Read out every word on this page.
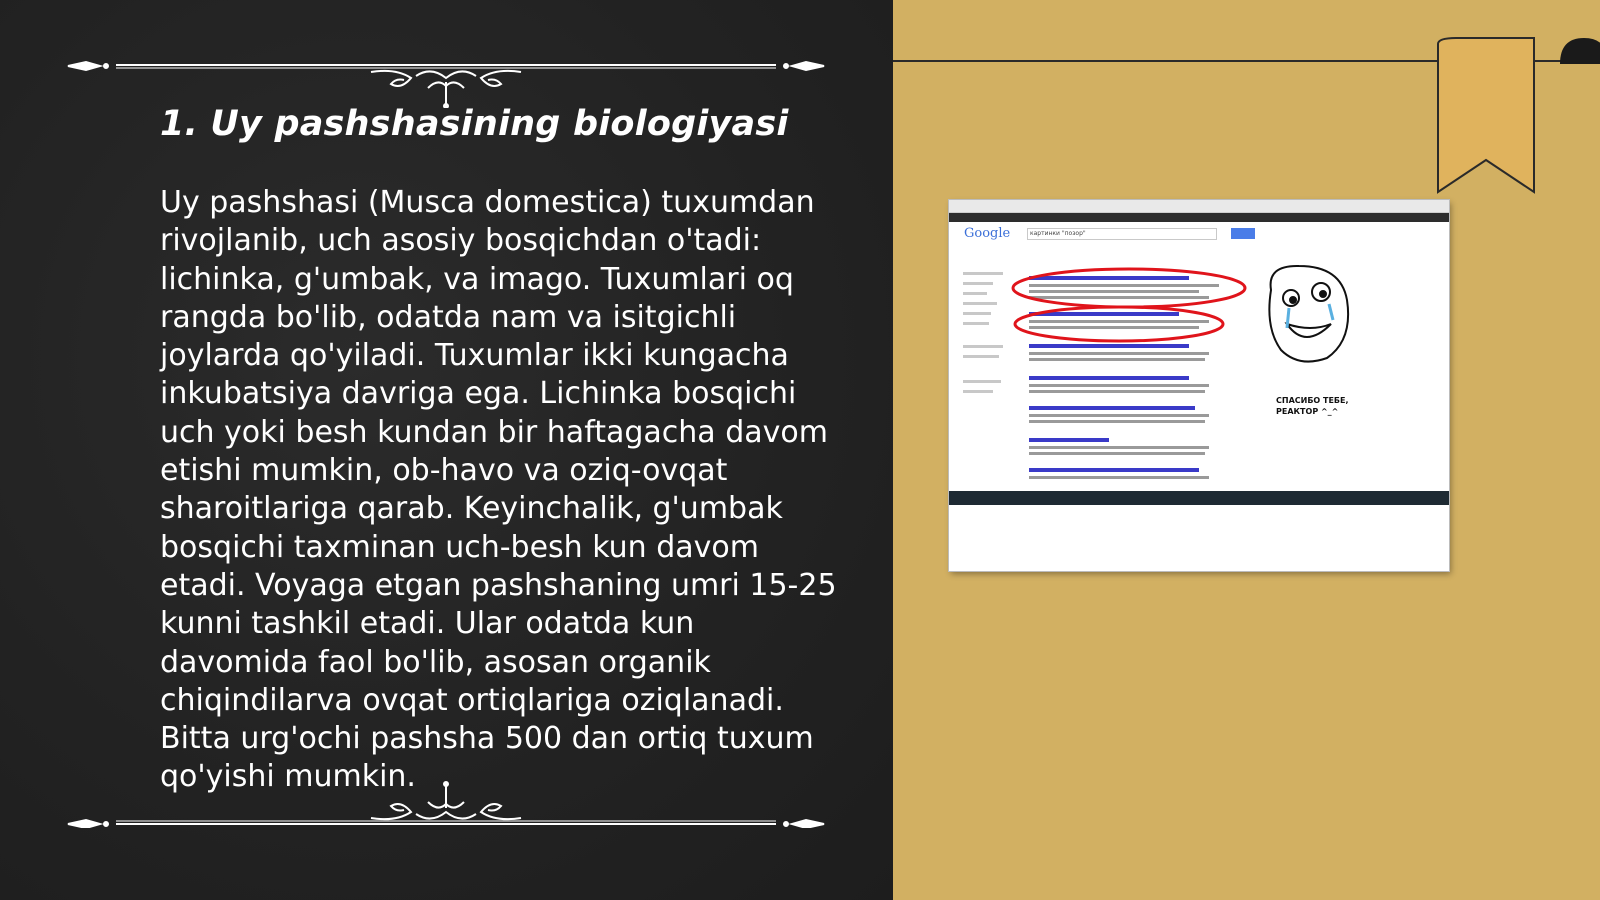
1. Uy pashshasining biologiyasi

Uy pashshasi (Musca domestica) tuxumdan rivojlanib, uch asosiy bosqichdan o'tadi: lichinka, g'umbak, va imago. Tuxumlari oq rangda bo'lib, odatda nam va isitgichli joylarda qo'yiladi. Tuxumlar ikki kungacha inkubatsiya davriga ega. Lichinka bosqichi uch yoki besh kundan bir haftagacha davom etishi mumkin, ob-havo va oziq-ovqat sharoitlariga qarab. Keyinchalik, g'umbak bosqichi taxminan uch-besh kun davom etadi. Voyaga etgan pashshaning umri 15-25 kunni tashkil etadi. Ular odatda kun davomida faol bo'lib, asosan organik chiqindilarva ovqat ortiqlariga oziqlanadi. Bitta urg'ochi pashsha 500 dan ortiq tuxum qo'yishi mumkin.

Google	картинки "позор"
СПАСИБО ТЕБЕ,
РЕАКТОР ^_^
